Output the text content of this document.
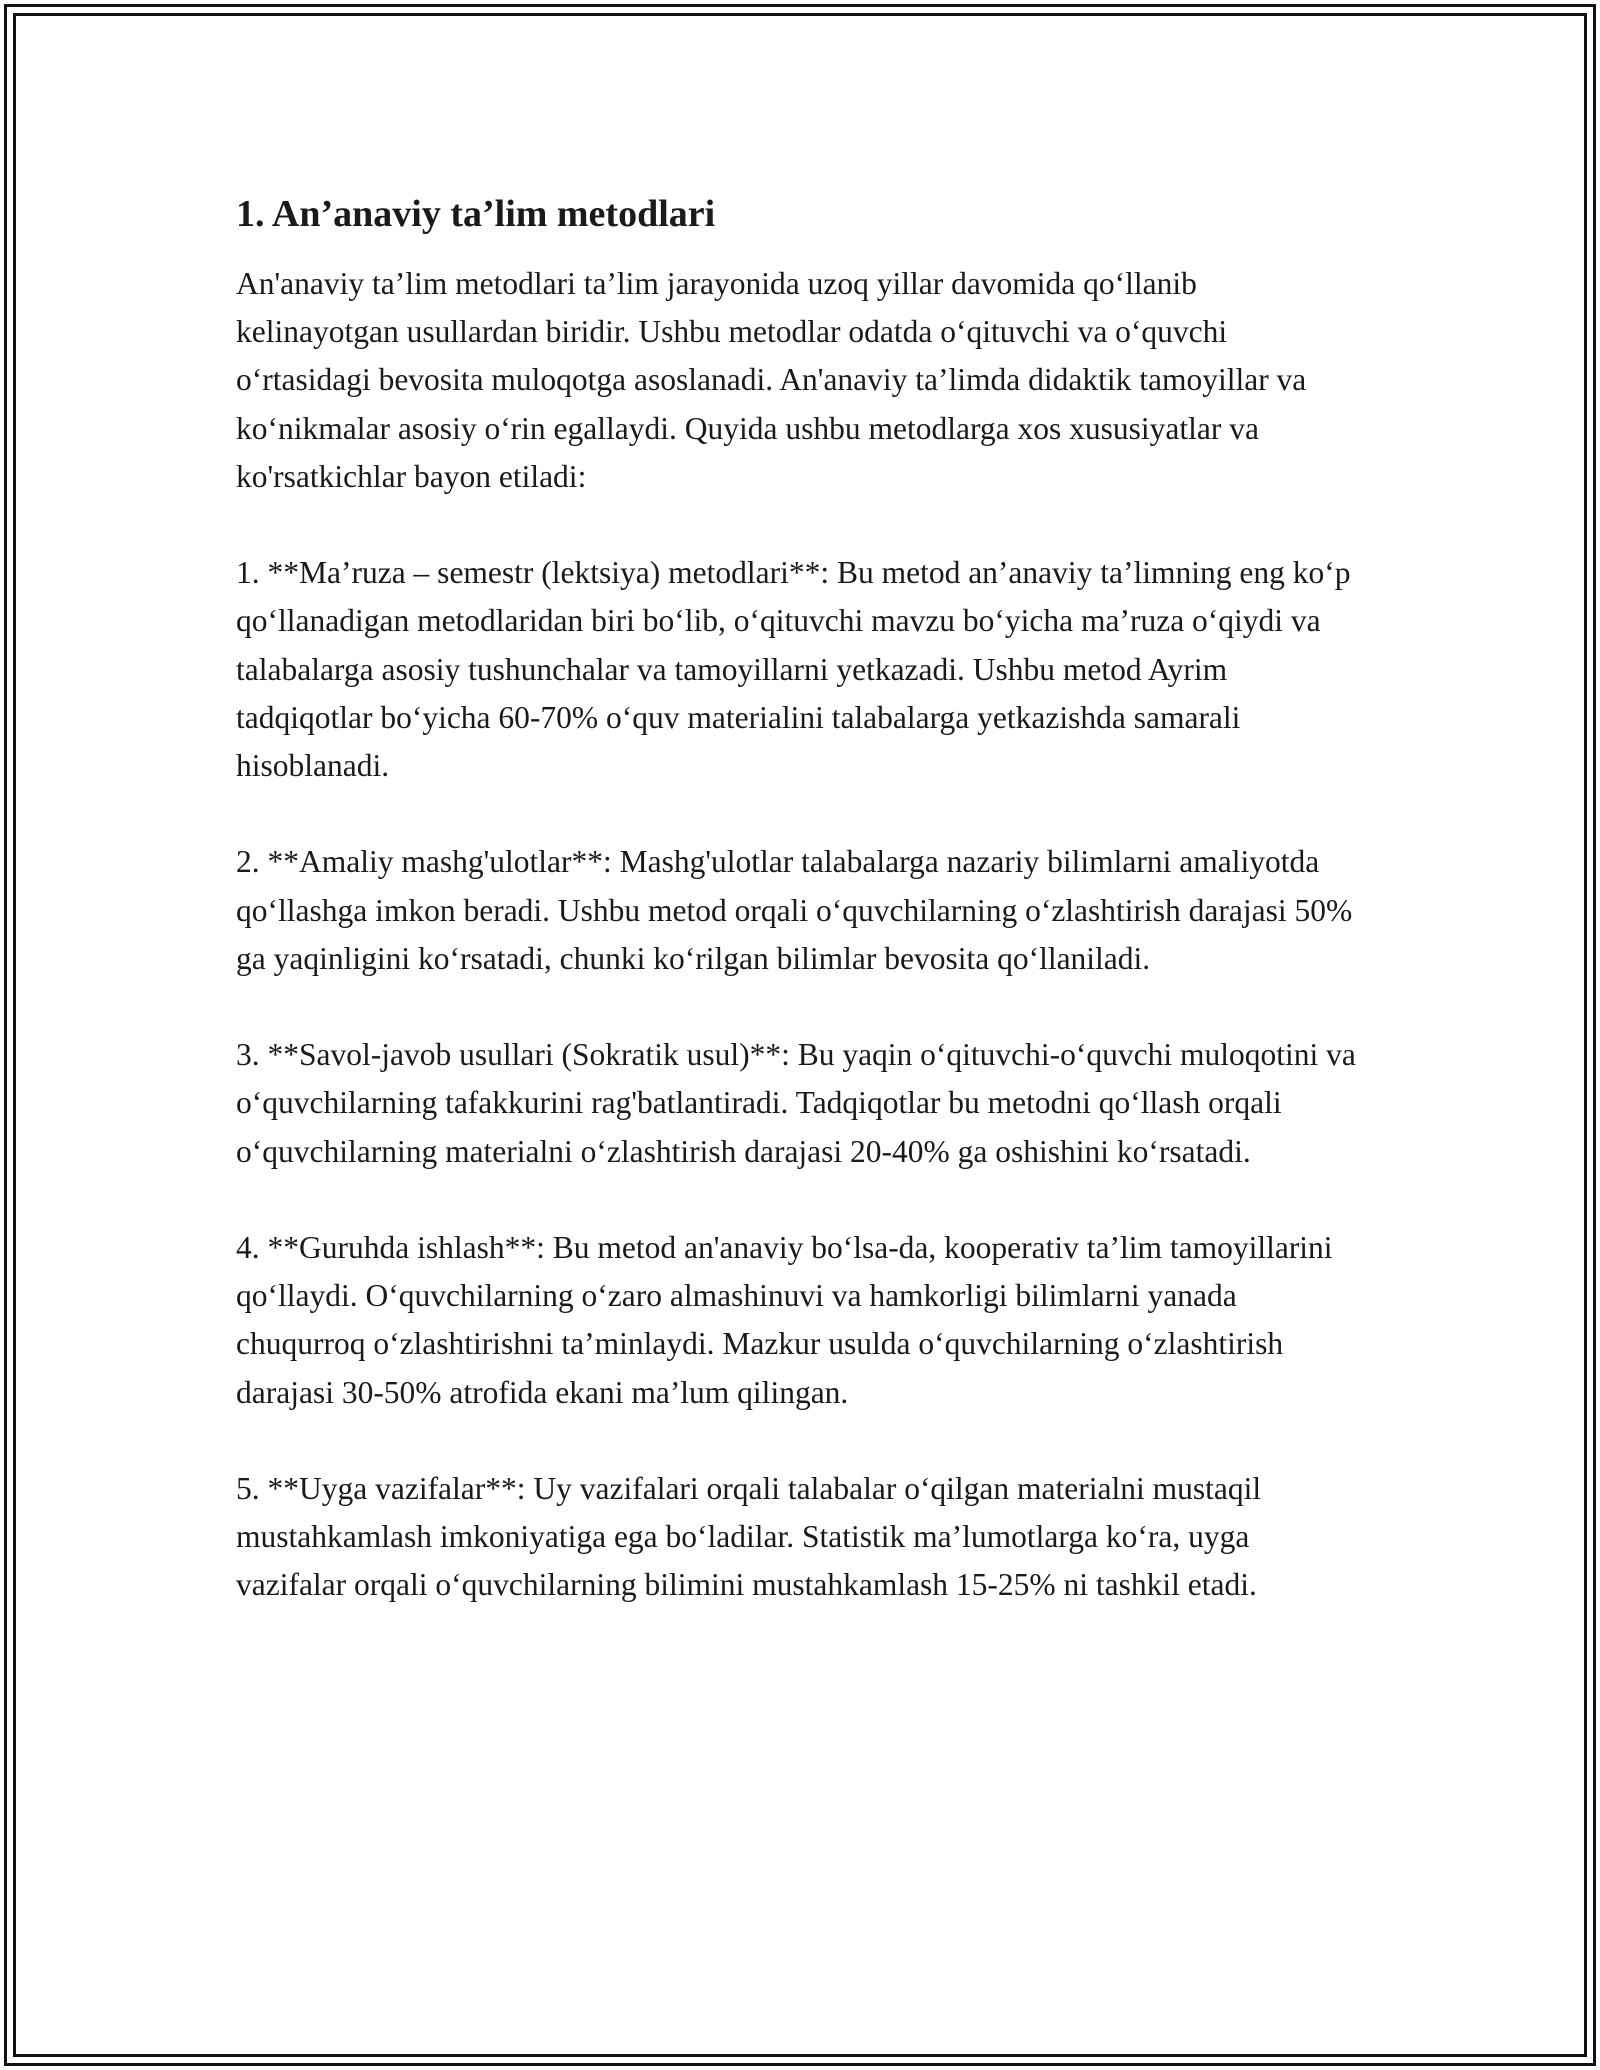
1. An’anaviy ta’lim metodlari

An'anaviy ta’lim metodlari ta’lim jarayonida uzoq yillar davomida qo‘llanib kelinayotgan usullardan biridir. Ushbu metodlar odatda o‘qituvchi va o‘quvchi o‘rtasidagi bevosita muloqotga asoslanadi. An'anaviy ta’limda didaktik tamoyillar va ko‘nikmalar asosiy o‘rin egallaydi. Quyida ushbu metodlarga xos xususiyatlar va ko'rsatkichlar bayon etiladi:

1. **Ma’ruza – semestr (lektsiya) metodlari**: Bu metod an’anaviy ta’limning eng ko‘p qo‘llanadigan metodlaridan biri bo‘lib, o‘qituvchi mavzu bo‘yicha ma’ruza o‘qiydi va talabalarga asosiy tushunchalar va tamoyillarni yetkazadi. Ushbu metod Ayrim tadqiqotlar bo‘yicha 60-70% o‘quv materialini talabalarga yetkazishda samarali hisoblanadi.

2. **Amaliy mashg'ulotlar**: Mashg'ulotlar talabalarga nazariy bilimlarni amaliyotda qo‘llashga imkon beradi. Ushbu metod orqali o‘quvchilarning o‘zlashtirish darajasi 50% ga yaqinligini ko‘rsatadi, chunki ko‘rilgan bilimlar bevosita qo‘llaniladi.

3. **Savol-javob usullari (Sokratik usul)**: Bu yaqin o‘qituvchi-o‘quvchi muloqotini va o‘quvchilarning tafakkurini rag'batlantiradi. Tadqiqotlar bu metodni qo‘llash orqali o‘quvchilarning materialni o‘zlashtirish darajasi 20-40% ga oshishini ko‘rsatadi.

4. **Guruhda ishlash**: Bu metod an'anaviy bo‘lsa-da, kooperativ ta’lim tamoyillarini qo‘llaydi. O‘quvchilarning o‘zaro almashinuvi va hamkorligi bilimlarni yanada chuqurroq o‘zlashtirishni ta’minlaydi. Mazkur usulda o‘quvchilarning o‘zlashtirish darajasi 30-50% atrofida ekani ma’lum qilingan.

5. **Uyga vazifalar**: Uy vazifalari orqali talabalar o‘qilgan materialni mustaqil mustahkamlash imkoniyatiga ega bo‘ladilar. Statistik ma’lumotlarga ko‘ra, uyga vazifalar orqali o‘quvchilarning bilimini mustahkamlash 15-25% ni tashkil etadi.
